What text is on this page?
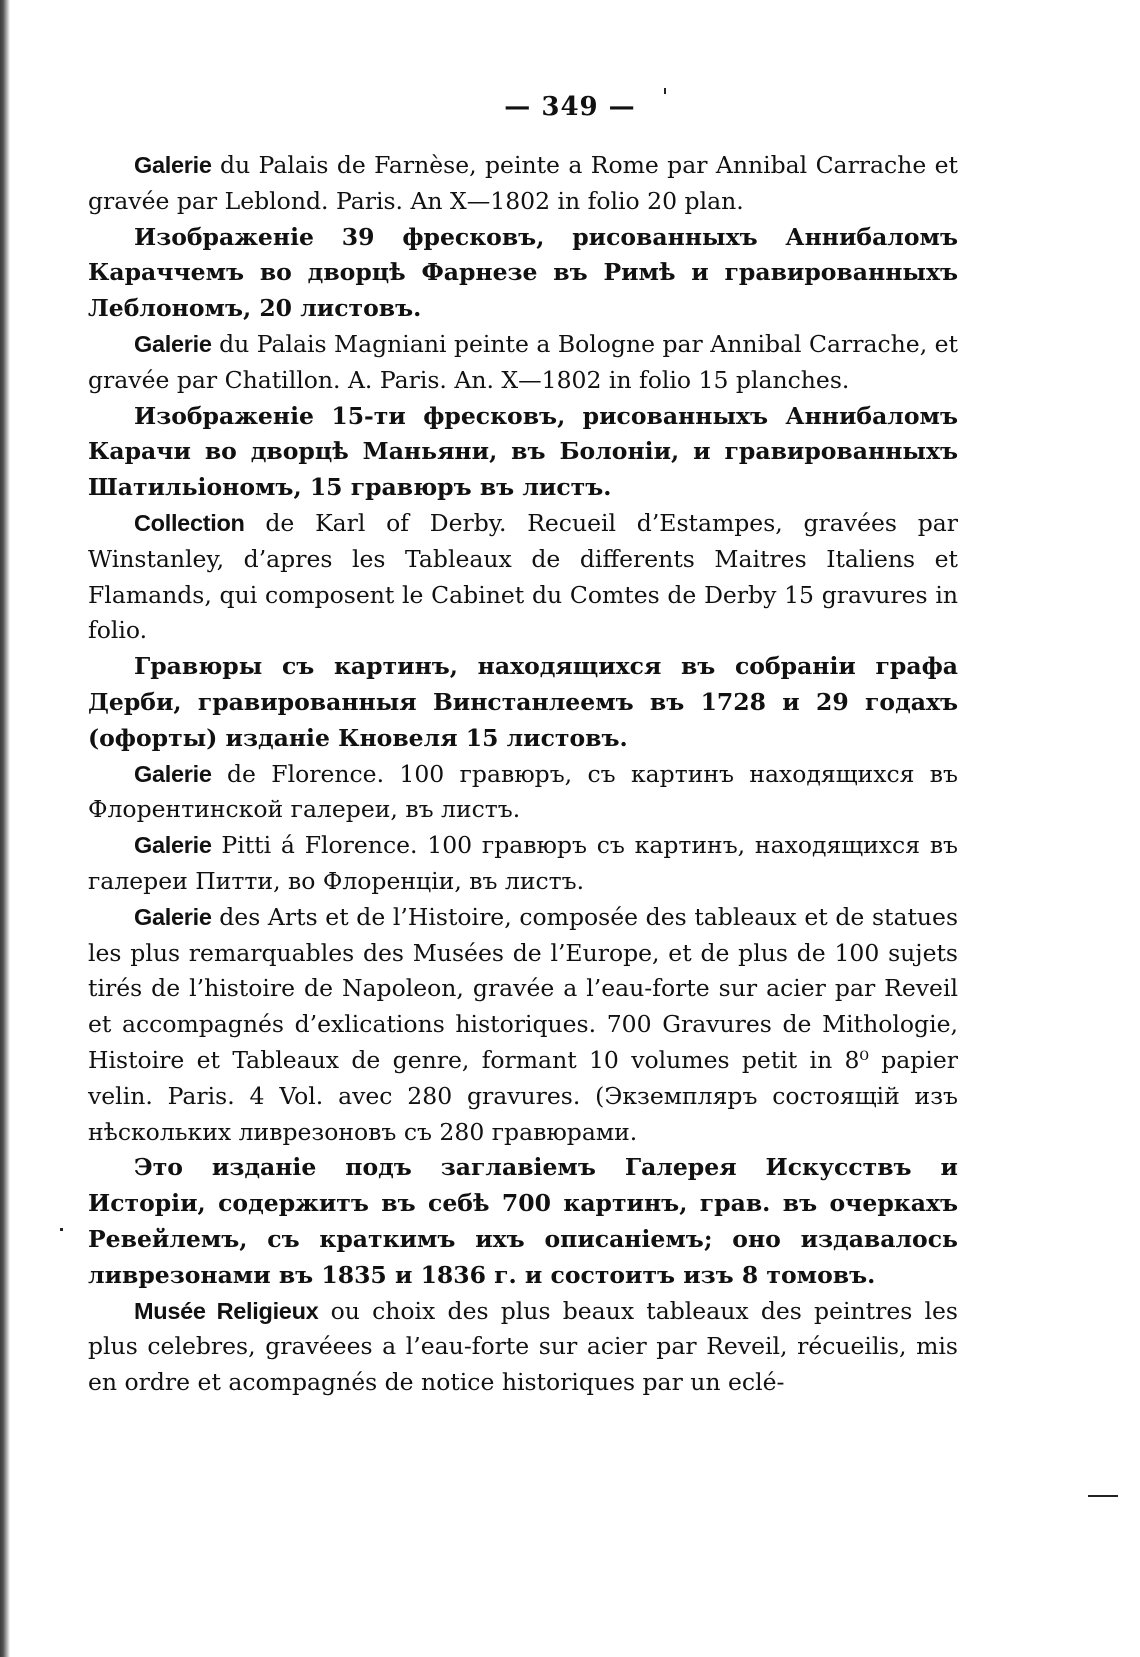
— 349 —

Galerie du Palais de Farnèse, peinte a Rome par Annibal Carrache et gravée par Leblond. Paris. An X—1802 in folio 20 plan.

Изображенiе 39 фресковъ, рисованныхъ Аннибаломъ Караччемъ во дворцѣ Фарнезе въ Римѣ и гравированныхъ Леблономъ, 20 листовъ.

Galerie du Palais Magniani peinte a Bologne par Annibal Carrache, et gravée par Chatillon. A. Paris. An. X—1802 in folio 15 planches.

Изображенiе 15-ти фресковъ, рисованныхъ Аннибаломъ Карачи во дворцѣ Маньяни, въ Болонiи, и гравированныхъ Шатильiономъ, 15 гравюръ въ листъ.

Collection de Karl of Derby. Recueil d’Estampes, gravées par Winstanley, d’apres les Tableaux de differents Maitres Italiens et Flamands, qui composent le Cabinet du Comtes de Derby 15 gravures in folio.

Гравюры съ картинъ, находящихся въ собранiи графа Дерби, гравированныя Винстанлеемъ въ 1728 и 29 годахъ (офорты) изданiе Кновеля 15 листовъ.

Galerie de Florence. 100 гравюръ, съ картинъ находящихся въ Флорентинской галереи, въ листъ.

Galerie Pitti á Florence. 100 гравюръ съ картинъ, находящихся въ галереи Питти, во Флоренцiи, въ листъ.

Galerie des Arts et de l’Histoire, composée des tableaux et de statues les plus remarquables des Musées de l’Europe, et de plus de 100 sujets tirés de l’histoire de Napoleon, gravée a l’eau-forte sur acier par Reveil et accompagnés d’exlications historiques. 700 Gravures de Mithologie, Histoire et Tableaux de genre, formant 10 volumes petit in 8⁰ papier velin. Paris. 4 Vol. avec 280 gravures. (Экземпляръ состоящiй изъ нѣскольких ливрезоновъ съ 280 гравюрами.

Это изданiе подъ заглавiемъ Галерея Искусствъ и Исторiи, содержитъ въ себѣ 700 картинъ, грав. въ очеркахъ Ревейлемъ, съ краткимъ ихъ описанiемъ; оно издавалось ливрезонами въ 1835 и 1836 г. и состоитъ изъ 8 томовъ.

Musée Religieux ou choix des plus beaux tableaux des peintres les plus celebres, gravéees a l’eau-forte sur acier par Reveil, récueilis, mis en ordre et acompagnés de notice historiques par un eclé-
